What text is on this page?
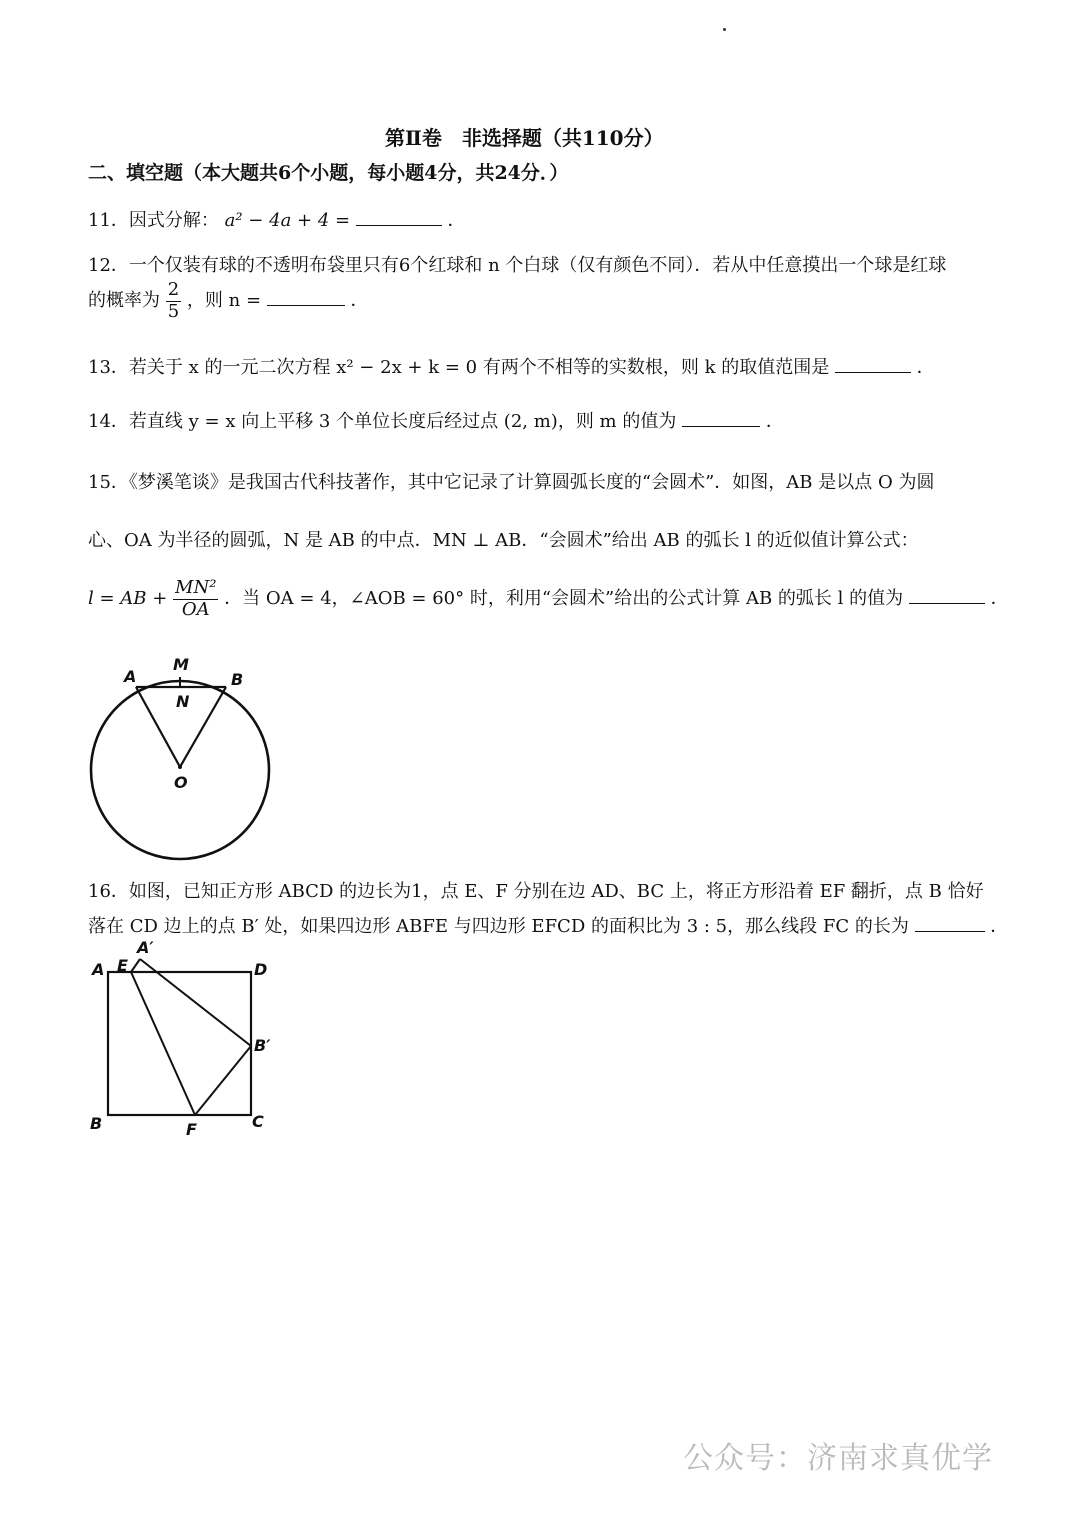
第Ⅱ卷　非选择题（共110分）
二、填空题（本大题共6个小题，每小题4分，共24分．）
11．因式分解： a² − 4a + 4 =	．
12．一个仅装有球的不透明布袋里只有6个红球和 n 个白球（仅有颜色不同）．若从中任意摸出一个球是红球
的概率为 $\frac{2}{5}$ ，则 n =	．
13．若关于 x 的一元二次方程 x² − 2x + k = 0 有两个不相等的实数根，则 k 的取值范围是	．
14．若直线 y = x 向上平移 3 个单位长度后经过点 (2, m)，则 m 的值为	．
15．《梦溪笔谈》是我国古代科技著作，其中它记录了计算圆弧长度的“会圆术”．如图，AB 是以点 O 为圆
心、OA 为半径的圆弧，N 是 AB 的中点．MN ⊥ AB．“会圆术”给出 AB 的弧长 l 的近似值计算公式：
l = AB + $\frac{\text{MN²}}{OA}$ ．当 OA = 4，∠AOB = 60° 时，利用“会圆术”给出的公式计算 AB 的弧长 l 的值为	．
M
A	B
N
O
16．如图，已知正方形 ABCD 的边长为1，点 E、F 分别在边 AD、BC 上，将正方形沿着 EF 翻折，点 B 恰好
落在 CD 边上的点 B′ 处，如果四边形 ABFE 与四边形 EFCD 的面积比为 3 : 5，那么线段 FC 的长为	．
A′
A E	D
B′
B	F	C
公众号：济南求真优学
